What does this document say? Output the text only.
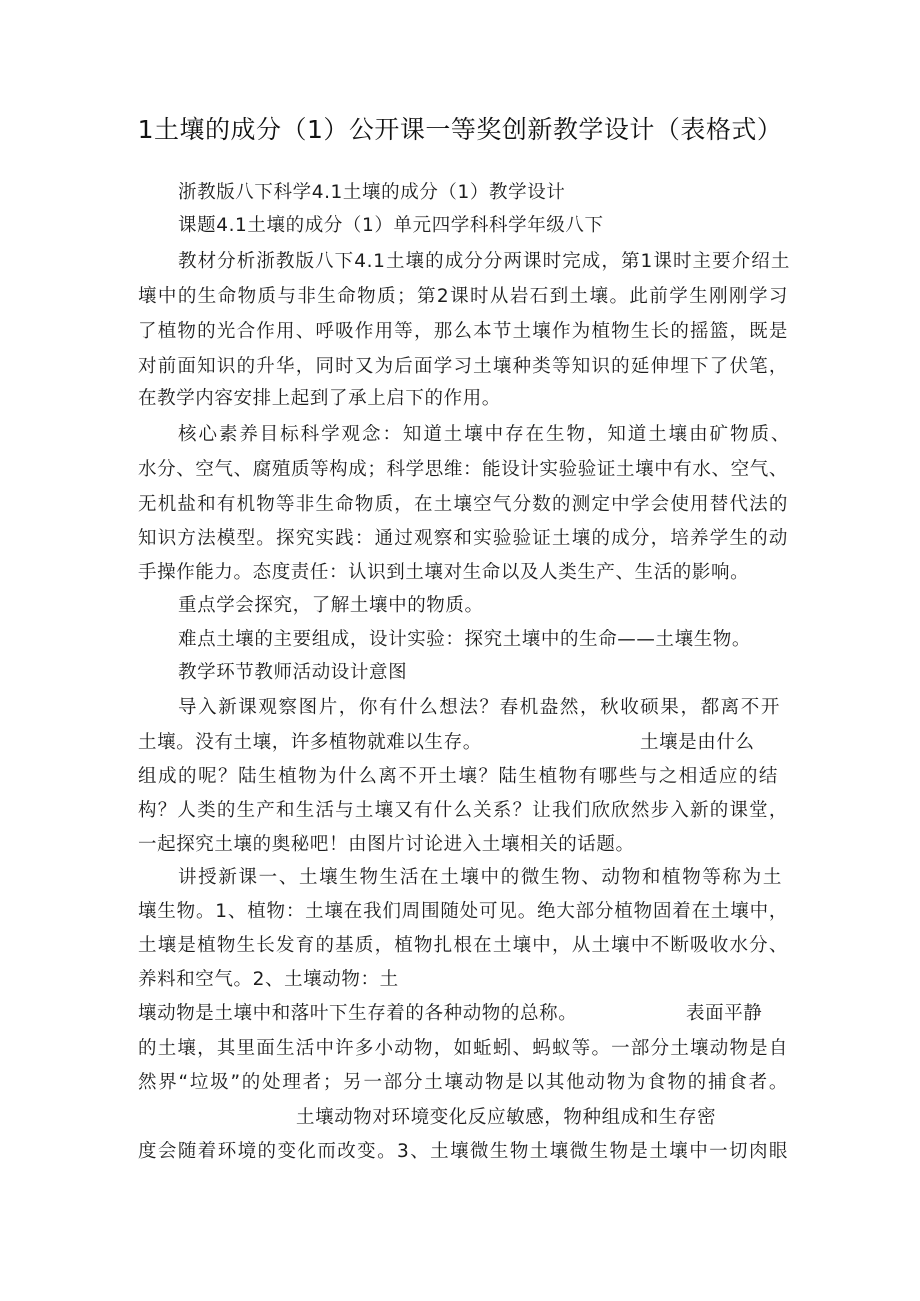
1土壤的成分（1）公开课一等奖创新教学设计（表格式）
浙教版八下科学4.1土壤的成分（1）教学设计
课题4.1土壤的成分（1）单元四学科科学年级八下
教材分析浙教版八下4.1土壤的成分分两课时完成，第1课时主要介绍土
壤中的生命物质与非生命物质；第2课时从岩石到土壤。此前学生刚刚学习
了植物的光合作用、呼吸作用等，那么本节土壤作为植物生长的摇篮，既是
对前面知识的升华，同时又为后面学习土壤种类等知识的延伸埋下了伏笔，
在教学内容安排上起到了承上启下的作用。
核心素养目标科学观念：知道土壤中存在生物，知道土壤由矿物质、
水分、空气、腐殖质等构成；科学思维：能设计实验验证土壤中有水、空气、
无机盐和有机物等非生命物质，在土壤空气分数的测定中学会使用替代法的
知识方法模型。探究实践：通过观察和实验验证土壤的成分，培养学生的动
手操作能力。态度责任：认识到土壤对生命以及人类生产、生活的影响。
重点学会探究，了解土壤中的物质。
难点土壤的主要组成，设计实验：探究土壤中的生命——土壤生物。
教学环节教师活动设计意图
导入新课观察图片，你有什么想法？春机盎然，秋收硕果，都离不开
土壤。没有土壤，许多植物就难以生存。	土壤是由什么
组成的呢？陆生植物为什么离不开土壤？陆生植物有哪些与之相适应的结
构？人类的生产和生活与土壤又有什么关系？让我们欣欣然步入新的课堂，
一起探究土壤的奥秘吧！由图片讨论进入土壤相关的话题。
讲授新课一、土壤生物生活在土壤中的微生物、动物和植物等称为土
壤生物。1、植物：土壤在我们周围随处可见。绝大部分植物固着在土壤中，
土壤是植物生长发育的基质，植物扎根在土壤中，从土壤中不断吸收水分、
养料和空气。2、土壤动物：土
壤动物是土壤中和落叶下生存着的各种动物的总称。	表面平静
的土壤，其里面生活中许多小动物，如蚯蚓、蚂蚁等。一部分土壤动物是自
然界“垃圾”的处理者；另一部分土壤动物是以其他动物为食物的捕食者。
土壤动物对环境变化反应敏感，物种组成和生存密
度会随着环境的变化而改变。3、土壤微生物土壤微生物是土壤中一切肉眼
